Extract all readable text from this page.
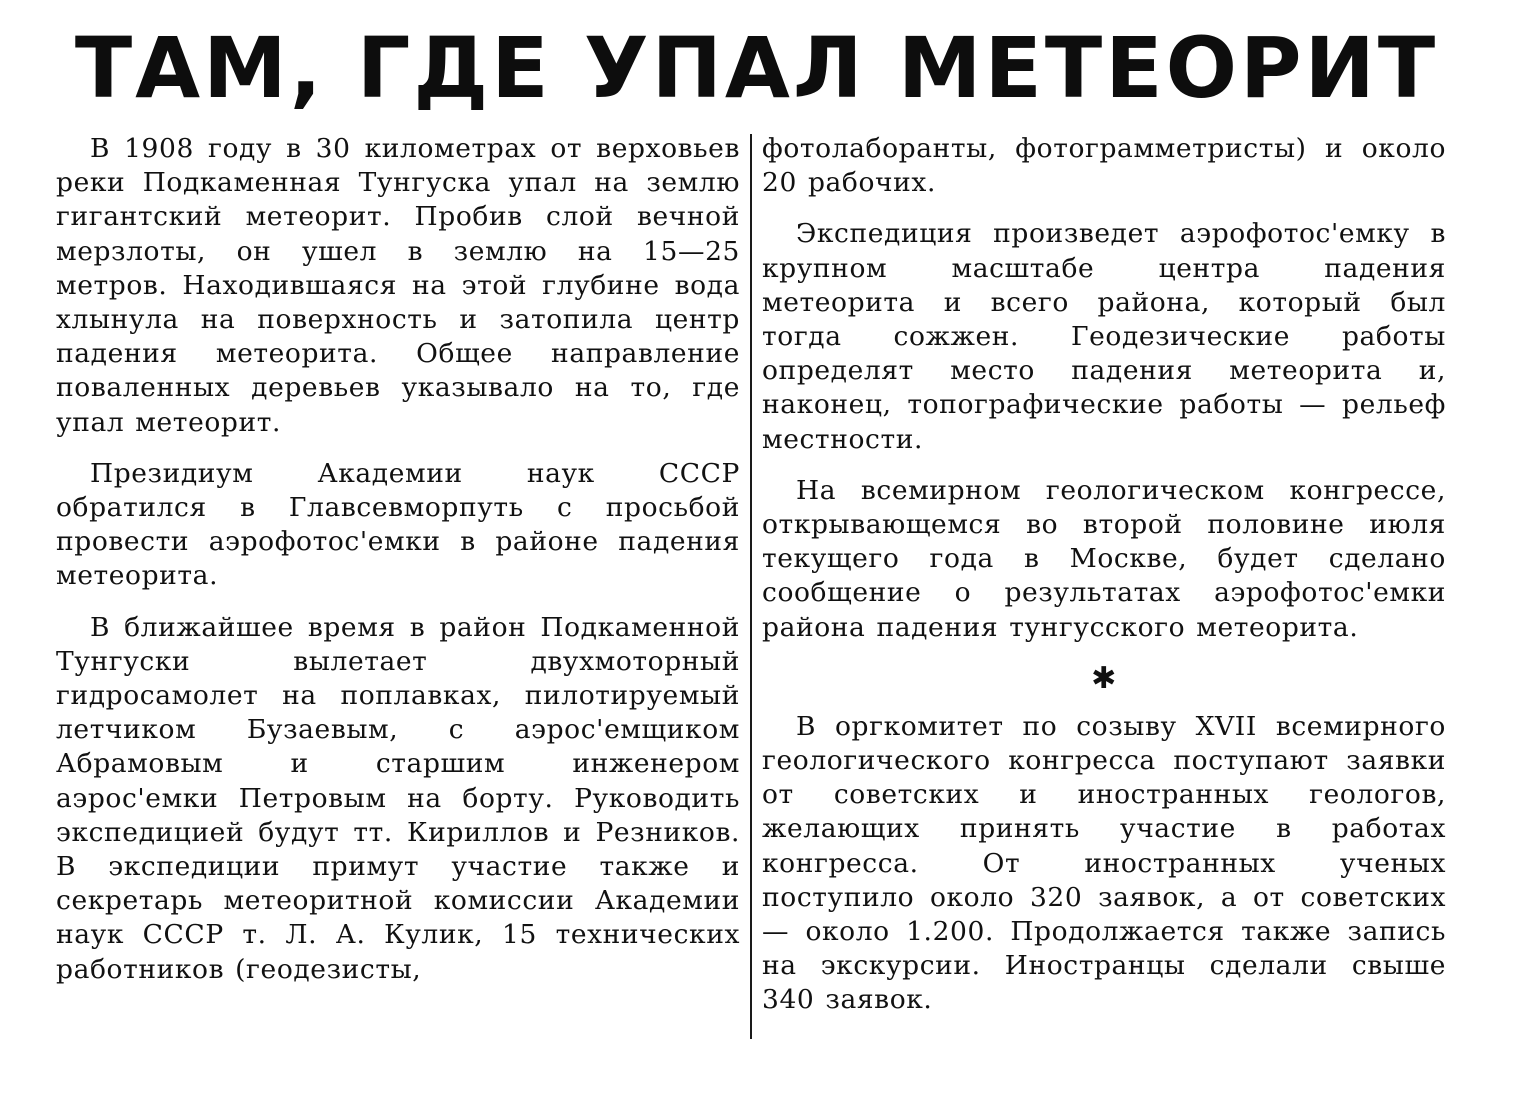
ТАМ, ГДЕ УПАЛ МЕТЕОРИТ

В 1908 году в 30 километрах от верховьев реки Подкаменная Тунгуска упал на землю гигантский метеорит. Пробив слой вечной мерзлоты, он ушел в землю на 15—25 метров. Находившаяся на этой глубине вода хлынула на поверхность и затопила центр падения метеорита. Общее направление поваленных деревьев указывало на то, где упал метеорит.

Президиум Академии наук СССР обратился в Главсевморпуть с просьбой провести аэрофотос'емки в районе падения метеорита.

В ближайшее время в район Подкаменной Тунгуски вылетает двухмоторный гидросамолет на поплавках, пилотируемый летчиком Бузаевым, с аэрос'емщиком Абрамовым и старшим инженером аэрос'емки Петровым на борту. Руководить экспедицией будут тт. Кириллов и Резников. В экспедиции примут участие также и секретарь метеоритной комиссии Академии наук СССР т. Л. А. Кулик, 15 технических работников (геодезисты,

фотолаборанты, фотограмметристы) и около 20 рабочих.

Экспедиция произведет аэрофотос'емку в крупном масштабе центра падения метеорита и всего района, который был тогда сожжен. Геодезические работы определят место падения метеорита и, наконец, топографические работы — рельеф местности.

На всемирном геологическом конгрессе, открывающемся во второй половине июля текущего года в Москве, будет сделано сообщение о результатах аэрофотос'емки района падения тунгусского метеорита.

✱

В оргкомитет по созыву XVII всемирного геологического конгресса поступают заявки от советских и иностранных геологов, желающих принять участие в работах конгресса. От иностранных ученых поступило около 320 заявок, а от советских — около 1.200. Продолжается также запись на экскурсии. Иностранцы сделали свыше 340 заявок.
